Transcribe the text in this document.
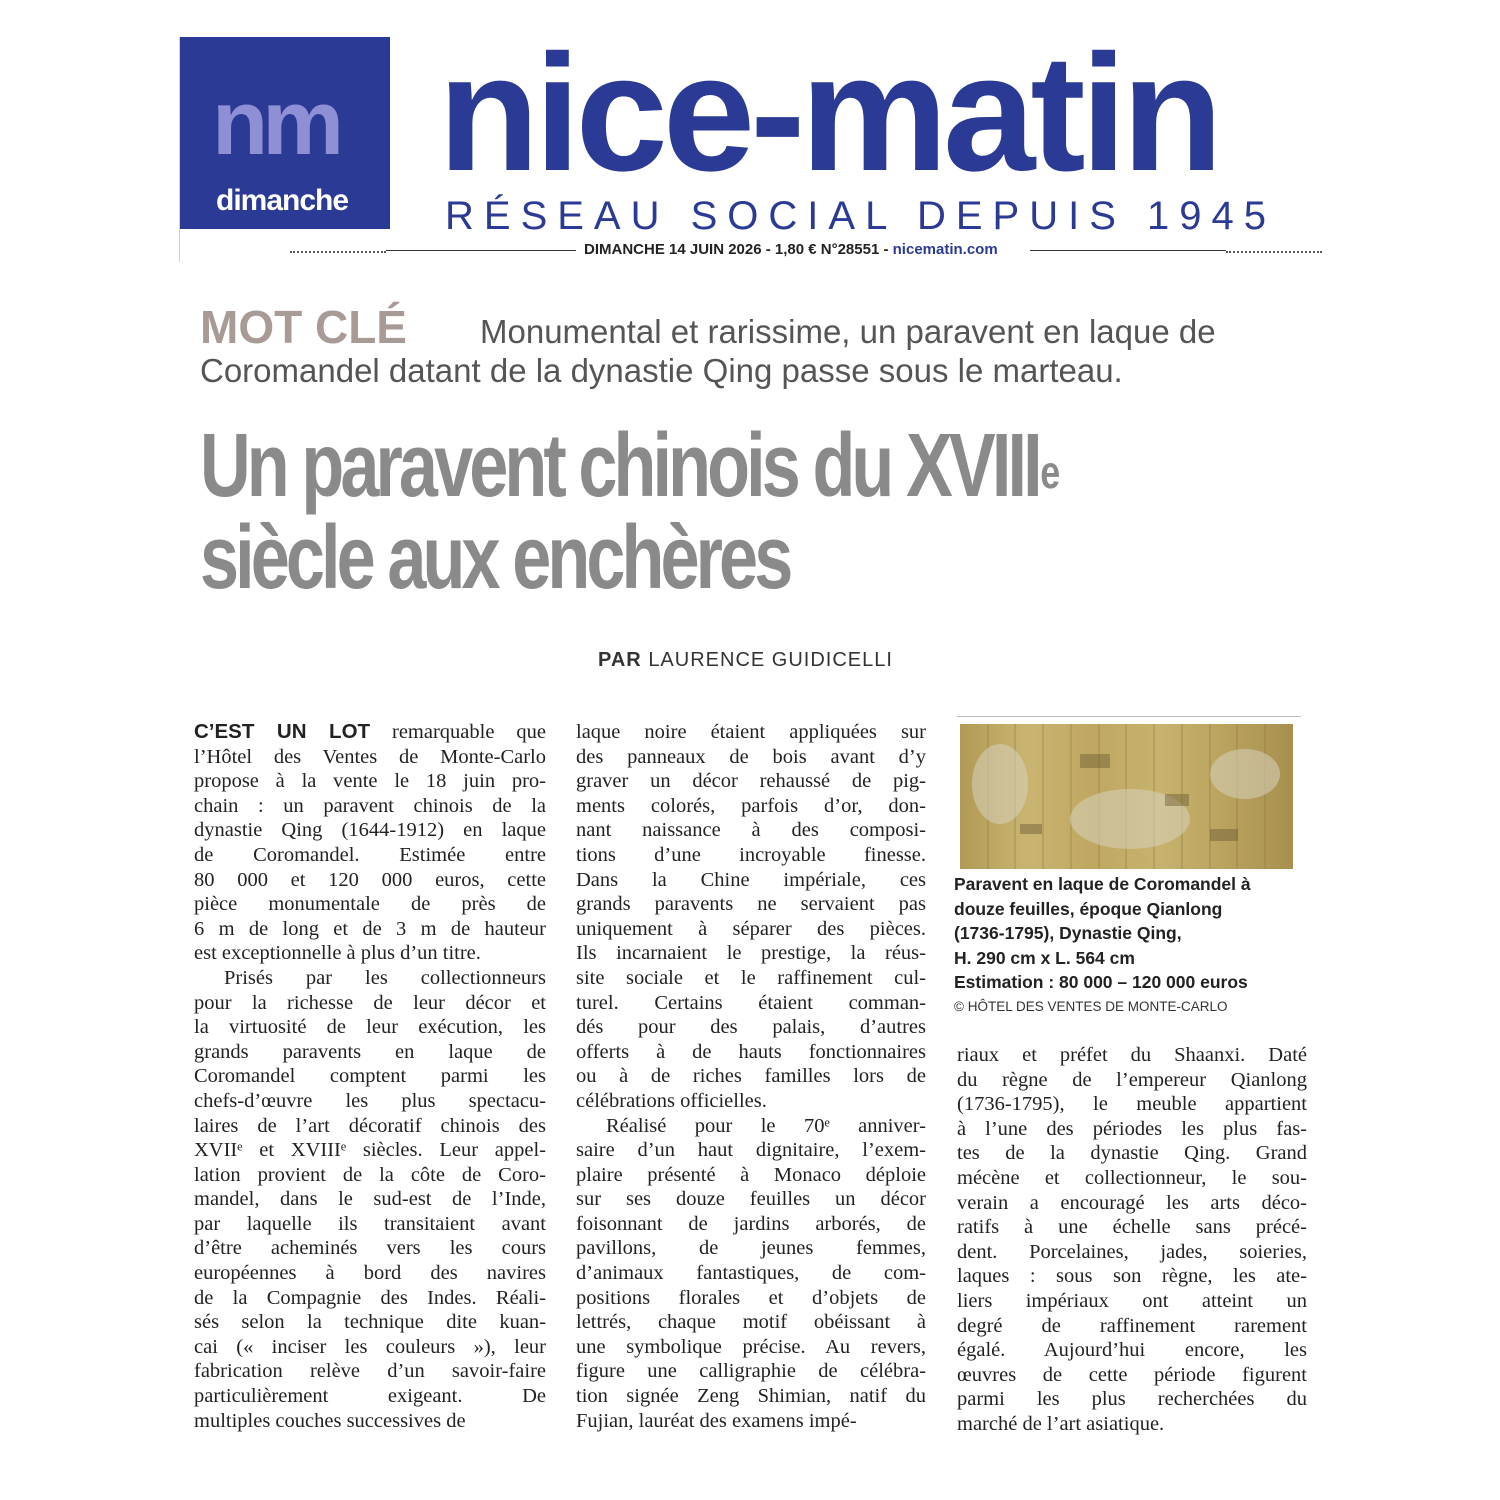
nm
dimanche nice-matin
RÉSEAU SOCIAL DEPUIS 1945
DIMANCHE 14 JUIN 2026 - 1,80 € N°28551 - nicematin.com
MOT CLÉ	Monumental et rarissime, un paravent en laque de Coromandel datant de la dynastie Qing passe sous le marteau.
Un paravent chinois du XVIIIe
siècle aux enchères
PAR LAURENCE GUIDICELLI
C’EST UN LOT remarquable que
l’Hôtel des Ventes de Monte-Carlo
propose à la vente le 18 juin pro-
chain : un paravent chinois de la
dynastie Qing (1644-1912) en laque
de Coromandel. Estimée entre
80 000 et 120 000 euros, cette
pièce monumentale de près de
6 m de long et de 3 m de hauteur
est exceptionnelle à plus d’un titre.
Prisés par les collectionneurs
pour la richesse de leur décor et
la virtuosité de leur exécution, les
grands paravents en laque de
Coromandel comptent parmi les
chefs-d’œuvre les plus spectacu-
laires de l’art décoratif chinois des
XVIIᵉ et XVIIIᵉ siècles. Leur appel-
lation provient de la côte de Coro-
mandel, dans le sud-est de l’Inde,
par laquelle ils transitaient avant
d’être acheminés vers les cours
européennes à bord des navires
de la Compagnie des Indes. Réali-
sés selon la technique dite kuan-
cai (« inciser les couleurs »), leur
fabrication relève d’un savoir-faire
particulièrement exigeant. De
multiples couches successives de
laque noire étaient appliquées sur
des panneaux de bois avant d’y
graver un décor rehaussé de pig-
ments colorés, parfois d’or, don-
nant naissance à des composi-
tions d’une incroyable finesse.
Dans la Chine impériale, ces
grands paravents ne servaient pas
uniquement à séparer des pièces.
Ils incarnaient le prestige, la réus-
site sociale et le raffinement cul-
turel. Certains étaient comman-
dés pour des palais, d’autres
offerts à de hauts fonctionnaires
ou à de riches familles lors de
célébrations officielles.
Réalisé pour le 70ᵉ anniver-
saire d’un haut dignitaire, l’exem-
plaire présenté à Monaco déploie
sur ses douze feuilles un décor
foisonnant de jardins arborés, de
pavillons, de jeunes femmes,
d’animaux fantastiques, de com-
positions florales et d’objets de
lettrés, chaque motif obéissant à
une symbolique précise. Au revers,
figure une calligraphie de célébra-
tion signée Zeng Shimian, natif du
Fujian, lauréat des examens impé-
riaux et préfet du Shaanxi. Daté
du règne de l’empereur Qianlong
(1736-1795), le meuble appartient
à l’une des périodes les plus fas-
tes de la dynastie Qing. Grand
mécène et collectionneur, le sou-
verain a encouragé les arts déco-
ratifs à une échelle sans précé-
dent. Porcelaines, jades, soieries,
laques : sous son règne, les ate-
liers impériaux ont atteint un
degré de raffinement rarement
égalé. Aujourd’hui encore, les
œuvres de cette période figurent
parmi les plus recherchées du
marché de l’art asiatique.
Paravent en laque de Coromandel à
douze feuilles, époque Qianlong
(1736-1795), Dynastie Qing,
H. 290 cm x L. 564 cm
Estimation : 80 000 – 120 000 euros
© HÔTEL DES VENTES DE MONTE-CARLO
